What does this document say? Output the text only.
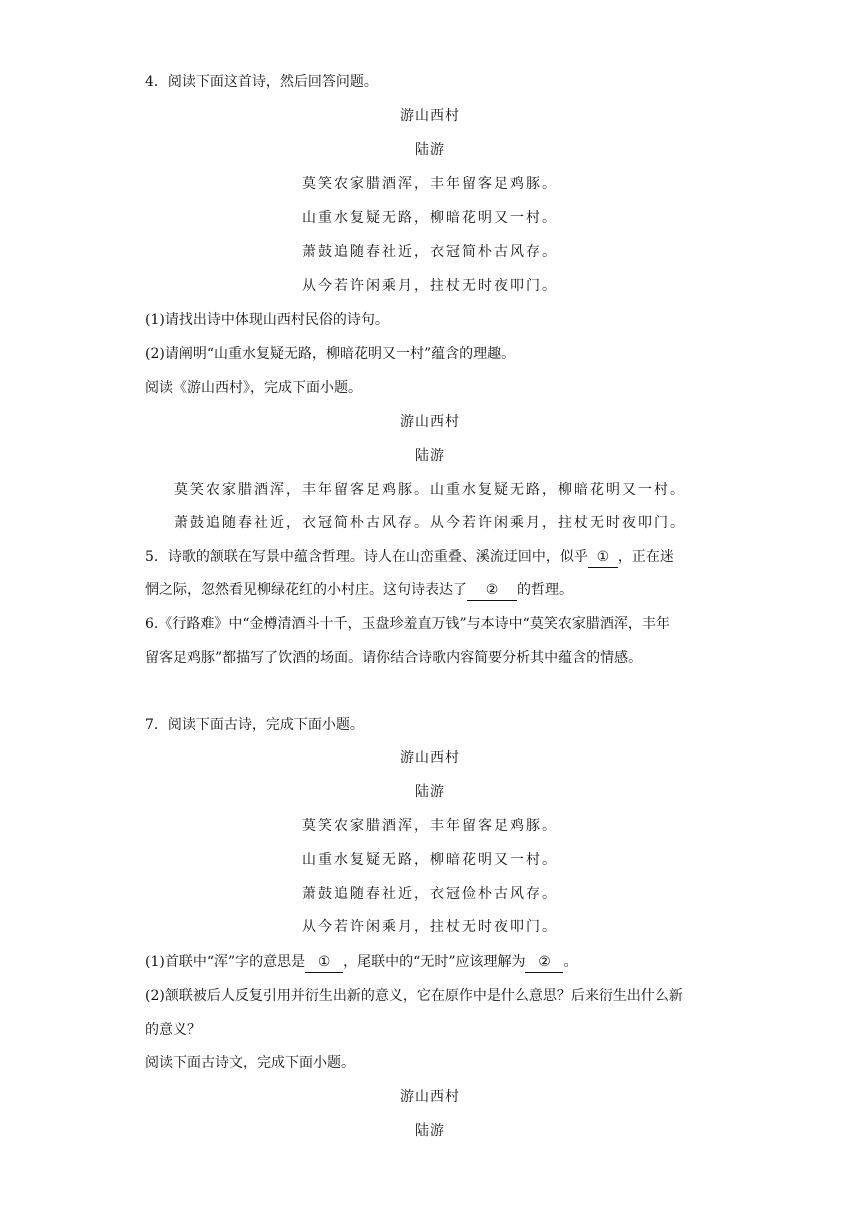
4．阅读下面这首诗，然后回答问题。
游山西村
陆游
莫笑农家腊酒浑，丰年留客足鸡豚。
山重水复疑无路，柳暗花明又一村。
萧鼓追随春社近，衣冠简朴古风存。
从今若许闲乘月，拄杖无时夜叩门。
(1)请找出诗中体现山西村民俗的诗句。
(2)请阐明“山重水复疑无路，柳暗花明又一村”蕴含的理趣。
阅读《游山西村》，完成下面小题。
游山西村
陆游
莫笑农家腊酒浑，丰年留客足鸡豚。山重水复疑无路，柳暗花明又一村。
萧鼓追随春社近，衣冠简朴古风存。从今若许闲乘月，拄杖无时夜叩门。
5．诗歌的颔联在写景中蕴含哲理。诗人在山峦重叠、溪流迂回中，似乎 ① ，正在迷
惘之际，忽然看见柳绿花红的小村庄。这句诗表达了 ② 的哲理。
6.《行路难》中“金樽清酒斗十千，玉盘珍羞直万钱”与本诗中“莫笑农家腊酒浑，丰年
留客足鸡豚”都描写了饮酒的场面。请你结合诗歌内容简要分析其中蕴含的情感。
7．阅读下面古诗，完成下面小题。
游山西村
陆游
莫笑农家腊酒浑，丰年留客足鸡豚。
山重水复疑无路，柳暗花明又一村。
萧鼓追随春社近，衣冠俭朴古风存。
从今若许闲乘月，拄杖无时夜叩门。
(1)首联中“浑”字的意思是 ① ，尾联中的“无时”应该理解为 ② 。
(2)颔联被后人反复引用并衍生出新的意义，它在原作中是什么意思？后来衍生出什么新
的意义？
阅读下面古诗文，完成下面小题。
游山西村
陆游
